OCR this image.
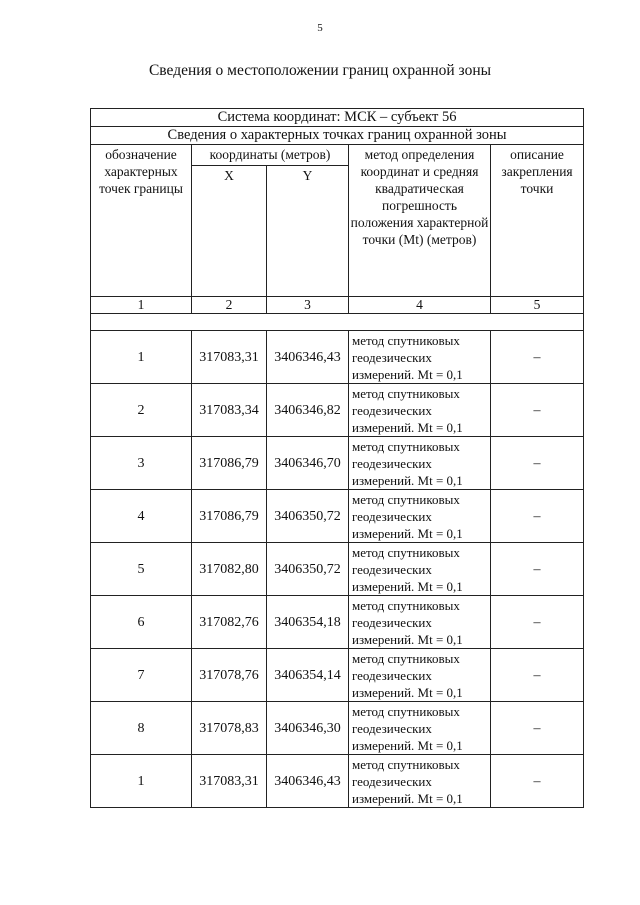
5
Сведения о местоположении границ охранной зоны
Система координат: МСК – субъект 56				
Сведения о характерных точках границ охранной зоны				
обозначение характерных точек границы	координаты (метров)		метод определения координат и средняя квадратическая погрешность положения характерной точки (Mt) (метров)	описание закрепления точки
	X	Y		
1	2	3	4	5

1	317083,31	3406346,43	метод спутниковых геодезических измерений. Mt = 0,1	–
2	317083,34	3406346,82	метод спутниковых геодезических измерений. Mt = 0,1	–
3	317086,79	3406346,70	метод спутниковых геодезических измерений. Mt = 0,1	–
4	317086,79	3406350,72	метод спутниковых геодезических измерений. Mt = 0,1	–
5	317082,80	3406350,72	метод спутниковых геодезических измерений. Mt = 0,1	–
6	317082,76	3406354,18	метод спутниковых геодезических измерений. Mt = 0,1	–
7	317078,76	3406354,14	метод спутниковых геодезических измерений. Mt = 0,1	–
8	317078,83	3406346,30	метод спутниковых геодезических измерений. Mt = 0,1	–
1	317083,31	3406346,43	метод спутниковых геодезических измерений. Mt = 0,1	–
